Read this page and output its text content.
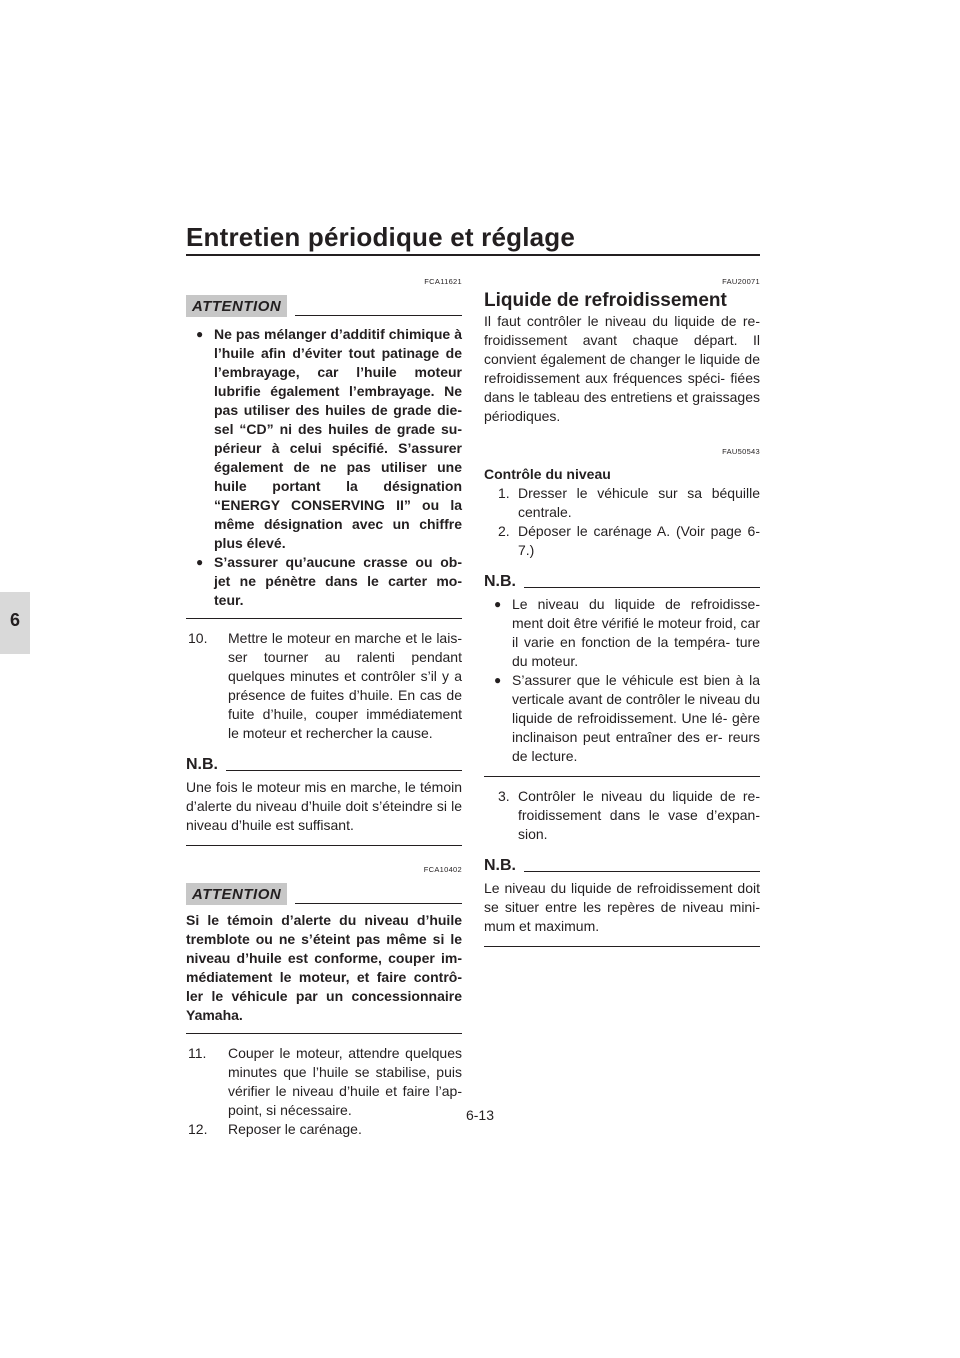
Entretien périodique et réglage
6
FCA11621
ATTENTION
● Ne pas mélanger d’additif chimique à l’huile afin d’éviter tout patinage de l’embrayage, car l’huile moteur lubrifie également l’embrayage. Ne pas utiliser des huiles de grade die- sel “CD” ni des huiles de grade su- périeur à celui spécifié. S’assurer également de ne pas utiliser une huile portant la désignation “ENERGY CONSERVING II” ou la même désignation avec un chiffre plus élevé.
● S’assurer qu’aucune crasse ou ob- jet ne pénètre dans le carter mo- teur.
10.	Mettre le moteur en marche et le lais- ser tourner au ralenti pendant quelques minutes et contrôler s’il y a présence de fuites d’huile. En cas de fuite d’huile, couper immédiatement le moteur et rechercher la cause.
N.B.
Une fois le moteur mis en marche, le témoin d’alerte du niveau d’huile doit s’éteindre si le niveau d’huile est suffisant.
FCA10402
ATTENTION
Si le témoin d’alerte du niveau d’huile tremblote ou ne s’éteint pas même si le niveau d’huile est conforme, couper im- médiatement le moteur, et faire contrô- ler le véhicule par un concessionnaire Yamaha.
11.	Couper le moteur, attendre quelques minutes que l’huile se stabilise, puis vérifier le niveau d’huile et faire l’ap- point, si nécessaire.
12.	Reposer le carénage.
FAU20071
Liquide de refroidissement
Il faut contrôler le niveau du liquide de re- froidissement avant chaque départ. Il convient également de changer le liquide de refroidissement aux fréquences spéci- fiées dans le tableau des entretiens et graissages périodiques.
FAU50543
Contrôle du niveau
1. Dresser le véhicule sur sa béquille centrale.
2. Déposer le carénage A. (Voir page 6-7.)
N.B.
● Le niveau du liquide de refroidisse- ment doit être vérifié le moteur froid, car il varie en fonction de la tempéra- ture du moteur.
● S’assurer que le véhicule est bien à la verticale avant de contrôler le niveau du liquide de refroidissement. Une lé- gère inclinaison peut entraîner des er- reurs de lecture.
3. Contrôler le niveau du liquide de re- froidissement dans le vase d’expan- sion.
N.B.
Le niveau du liquide de refroidissement doit se situer entre les repères de niveau mini- mum et maximum.
6-13
